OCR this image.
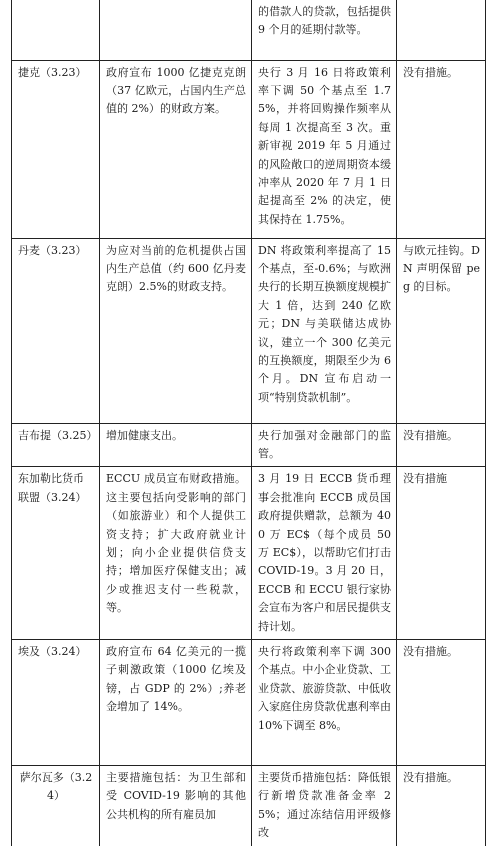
		的借款人的贷款，包括提供 9 个月的延期付款等。	
捷克（3.23）	政府宣布 1000 亿捷克克朗（37 亿欧元，占国内生产总值的 2%）的财政方案。	央行 3 月 16 日将政策利率下调 50 个基点至 1.75%，并将回购操作频率从每周 1 次提高至 3 次。重新审视 2019 年 5 月通过的风险敞口的逆周期资本缓冲率从 2020 年 7 月 1 日起提高至 2% 的决定，使其保持在 1.75%。	没有措施。
丹麦（3.23）	为应对当前的危机提供占国内生产总值（约 600 亿丹麦克朗）2.5%的财政支持。	DN 将政策利率提高了 15 个基点，至-0.6%；与欧洲央行的长期互换额度规模扩大 1 倍，达到 240 亿欧元；DN 与美联储达成协议，建立一个 300 亿美元的互换额度，期限至少为 6 个月。DN 宣布启动一项“特别贷款机制”。	与欧元挂钩。DN 声明保留 peg 的目标。
吉布提（3.25）	增加健康支出。	央行加强对金融部门的监管。	没有措施。
东加勒比货币联盟（3.24）	ECCU 成员宣布财政措施。这主要包括向受影响的部门（如旅游业）和个人提供工资支持；扩大政府就业计划；向小企业提供信贷支持；增加医疗保健支出；减少或推迟支付一些税款，等。	3 月 19 日 ECCB 货币理事会批准向 ECCB 成员国政府提供赠款，总额为 400 万 EC$（每个成员 50 万 EC$），以帮助它们打击 COVID-19。3 月 20 日，ECCB 和 ECCU 银行家协会宣布为客户和居民提供支持计划。	没有措施
埃及（3.24）	政府宣布 64 亿美元的一揽子刺激政策（1000 亿埃及镑，占 GDP 的 2%）;养老金增加了 14%。	央行将政策利率下调 300 个基点。中小企业贷款、工业贷款、旅游贷款、中低收入家庭住房贷款优惠利率由 10%下调至 8%。	没有措施。
萨尔瓦多（3.24）	主要措施包括：为卫生部和受 COVID-19 影响的其他公共机构的所有雇员加	主要货币措施包括：降低银行新增贷款准备金率 25%；通过冻结信用评级修改	没有措施。
